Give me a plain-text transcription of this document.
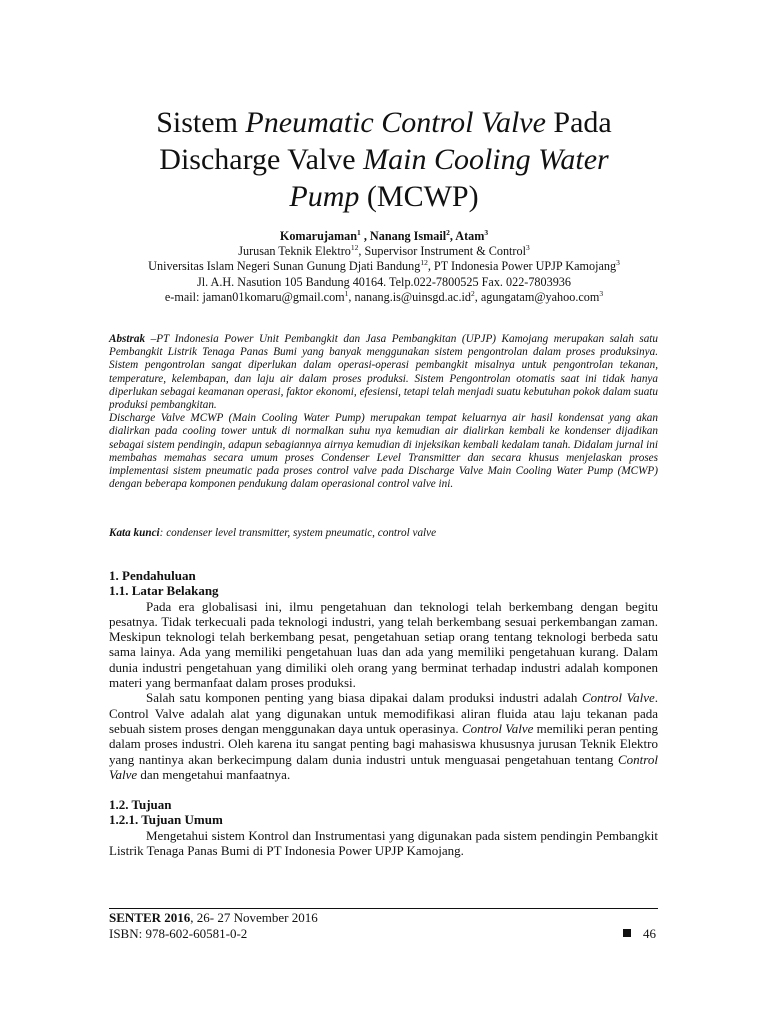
Sistem Pneumatic Control Valve Pada
Discharge Valve Main Cooling Water
Pump (MCWP)
Komarujaman$^1$ , Nanang Ismail$^2$, Atam$^3$
Jurusan Teknik Elektro$^{12}$, Supervisor Instrument & Control$^3$
Universitas Islam Negeri Sunan Gunung Djati Bandung$^{12}$, PT Indonesia Power UPJP Kamojang$^3$
Jl. A.H. Nasution 105 Bandung 40164. Telp.022-7800525 Fax. 022-7803936
e-mail: jaman01komaru@gmail.com$^1$, $nanang.is@uinsgd.ac.id^2$, agungatam@yahoo.com$^3$

Abstrak –PT Indonesia Power Unit Pembangkit dan Jasa Pembangkitan (UPJP) Kamojang merupakan salah satu Pembangkit Listrik Tenaga Panas Bumi yang banyak menggunakan sistem pengontrolan dalam proses produksinya. Sistem pengontrolan sangat diperlukan dalam operasi-operasi pembangkit misalnya untuk pengontrolan tekanan, temperature, kelembapan, dan laju air dalam proses produksi. Sistem Pengontrolan otomatis saat ini tidak hanya diperlukan sebagai keamanan operasi, faktor ekonomi, efesiensi, tetapi telah menjadi suatu kebutuhan pokok dalam suatu produksi pembangkitan.

Discharge Valve MCWP (Main Cooling Water Pump) merupakan tempat keluarnya air hasil kondensat yang akan dialirkan pada cooling tower untuk di normalkan suhu nya kemudian air dialirkan kembali ke kondenser dijadikan sebagai sistem pendingin, adapun sebagiannya airnya kemudian di injeksikan kembali kedalam tanah. Didalam jurnal ini membahas memahas secara umum proses Condenser Level Transmitter dan secara khusus menjelaskan proses implementasi sistem pneumatic pada proses control valve pada Discharge Valve Main Cooling Water Pump (MCWP) dengan beberapa komponen pendukung dalam operasional control valve ini.

Kata kunci: condenser level transmitter, system pneumatic, control valve
1. Pendahuluan
1.1. Latar Belakang

Pada era globalisasi ini, ilmu pengetahuan dan teknologi telah berkembang dengan begitu pesatnya. Tidak terkecuali pada teknologi industri, yang telah berkembang sesuai perkembangan zaman. Meskipun teknologi telah berkembang pesat, pengetahuan setiap orang tentang teknologi berbeda satu sama lainya. Ada yang memiliki pengetahuan luas dan ada yang memiliki pengetahuan kurang. Dalam dunia industri pengetahuan yang dimiliki oleh orang yang berminat terhadap industri adalah komponen materi yang bermanfaat dalam proses produksi.

Salah satu komponen penting yang biasa dipakai dalam produksi industri adalah Control Valve. Control Valve adalah alat yang digunakan untuk memodifikasi aliran fluida atau laju tekanan pada sebuah sistem proses dengan menggunakan daya untuk operasinya. Control Valve memiliki peran penting dalam proses industri. Oleh karena itu sangat penting bagi mahasiswa khususnya jurusan Teknik Elektro yang nantinya akan berkecimpung dalam dunia industri untuk menguasai pengetahuan tentang Control Valve dan mengetahui manfaatnya.

1.2. Tujuan
1.2.1. Tujuan Umum

Mengetahui sistem Kontrol dan Instrumentasi yang digunakan pada sistem pendingin Pembangkit Listrik Tenaga Panas Bumi di PT Indonesia Power UPJP Kamojang.

SENTER 2016, 26- 27 November 2016
ISBN: 978-602-60581-0-2	46
